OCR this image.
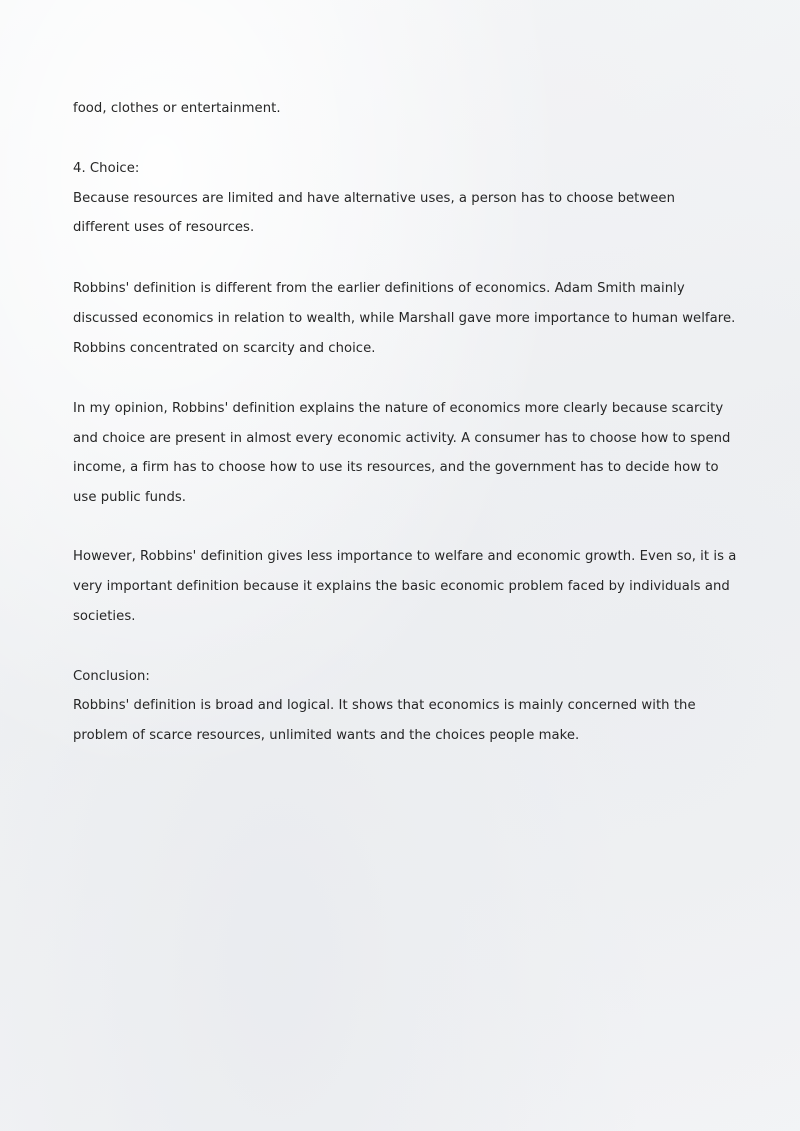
food, clothes or entertainment.

4. Choice:

Because resources are limited and have alternative uses, a person has to choose between

different uses of resources.

Robbins' definition is different from the earlier definitions of economics. Adam Smith mainly

discussed economics in relation to wealth, while Marshall gave more importance to human welfare.

Robbins concentrated on scarcity and choice.

In my opinion, Robbins' definition explains the nature of economics more clearly because scarcity

and choice are present in almost every economic activity. A consumer has to choose how to spend

income, a firm has to choose how to use its resources, and the government has to decide how to

use public funds.

However, Robbins' definition gives less importance to welfare and economic growth. Even so, it is a

very important definition because it explains the basic economic problem faced by individuals and

societies.

Conclusion:

Robbins' definition is broad and logical. It shows that economics is mainly concerned with the

problem of scarce resources, unlimited wants and the choices people make.
